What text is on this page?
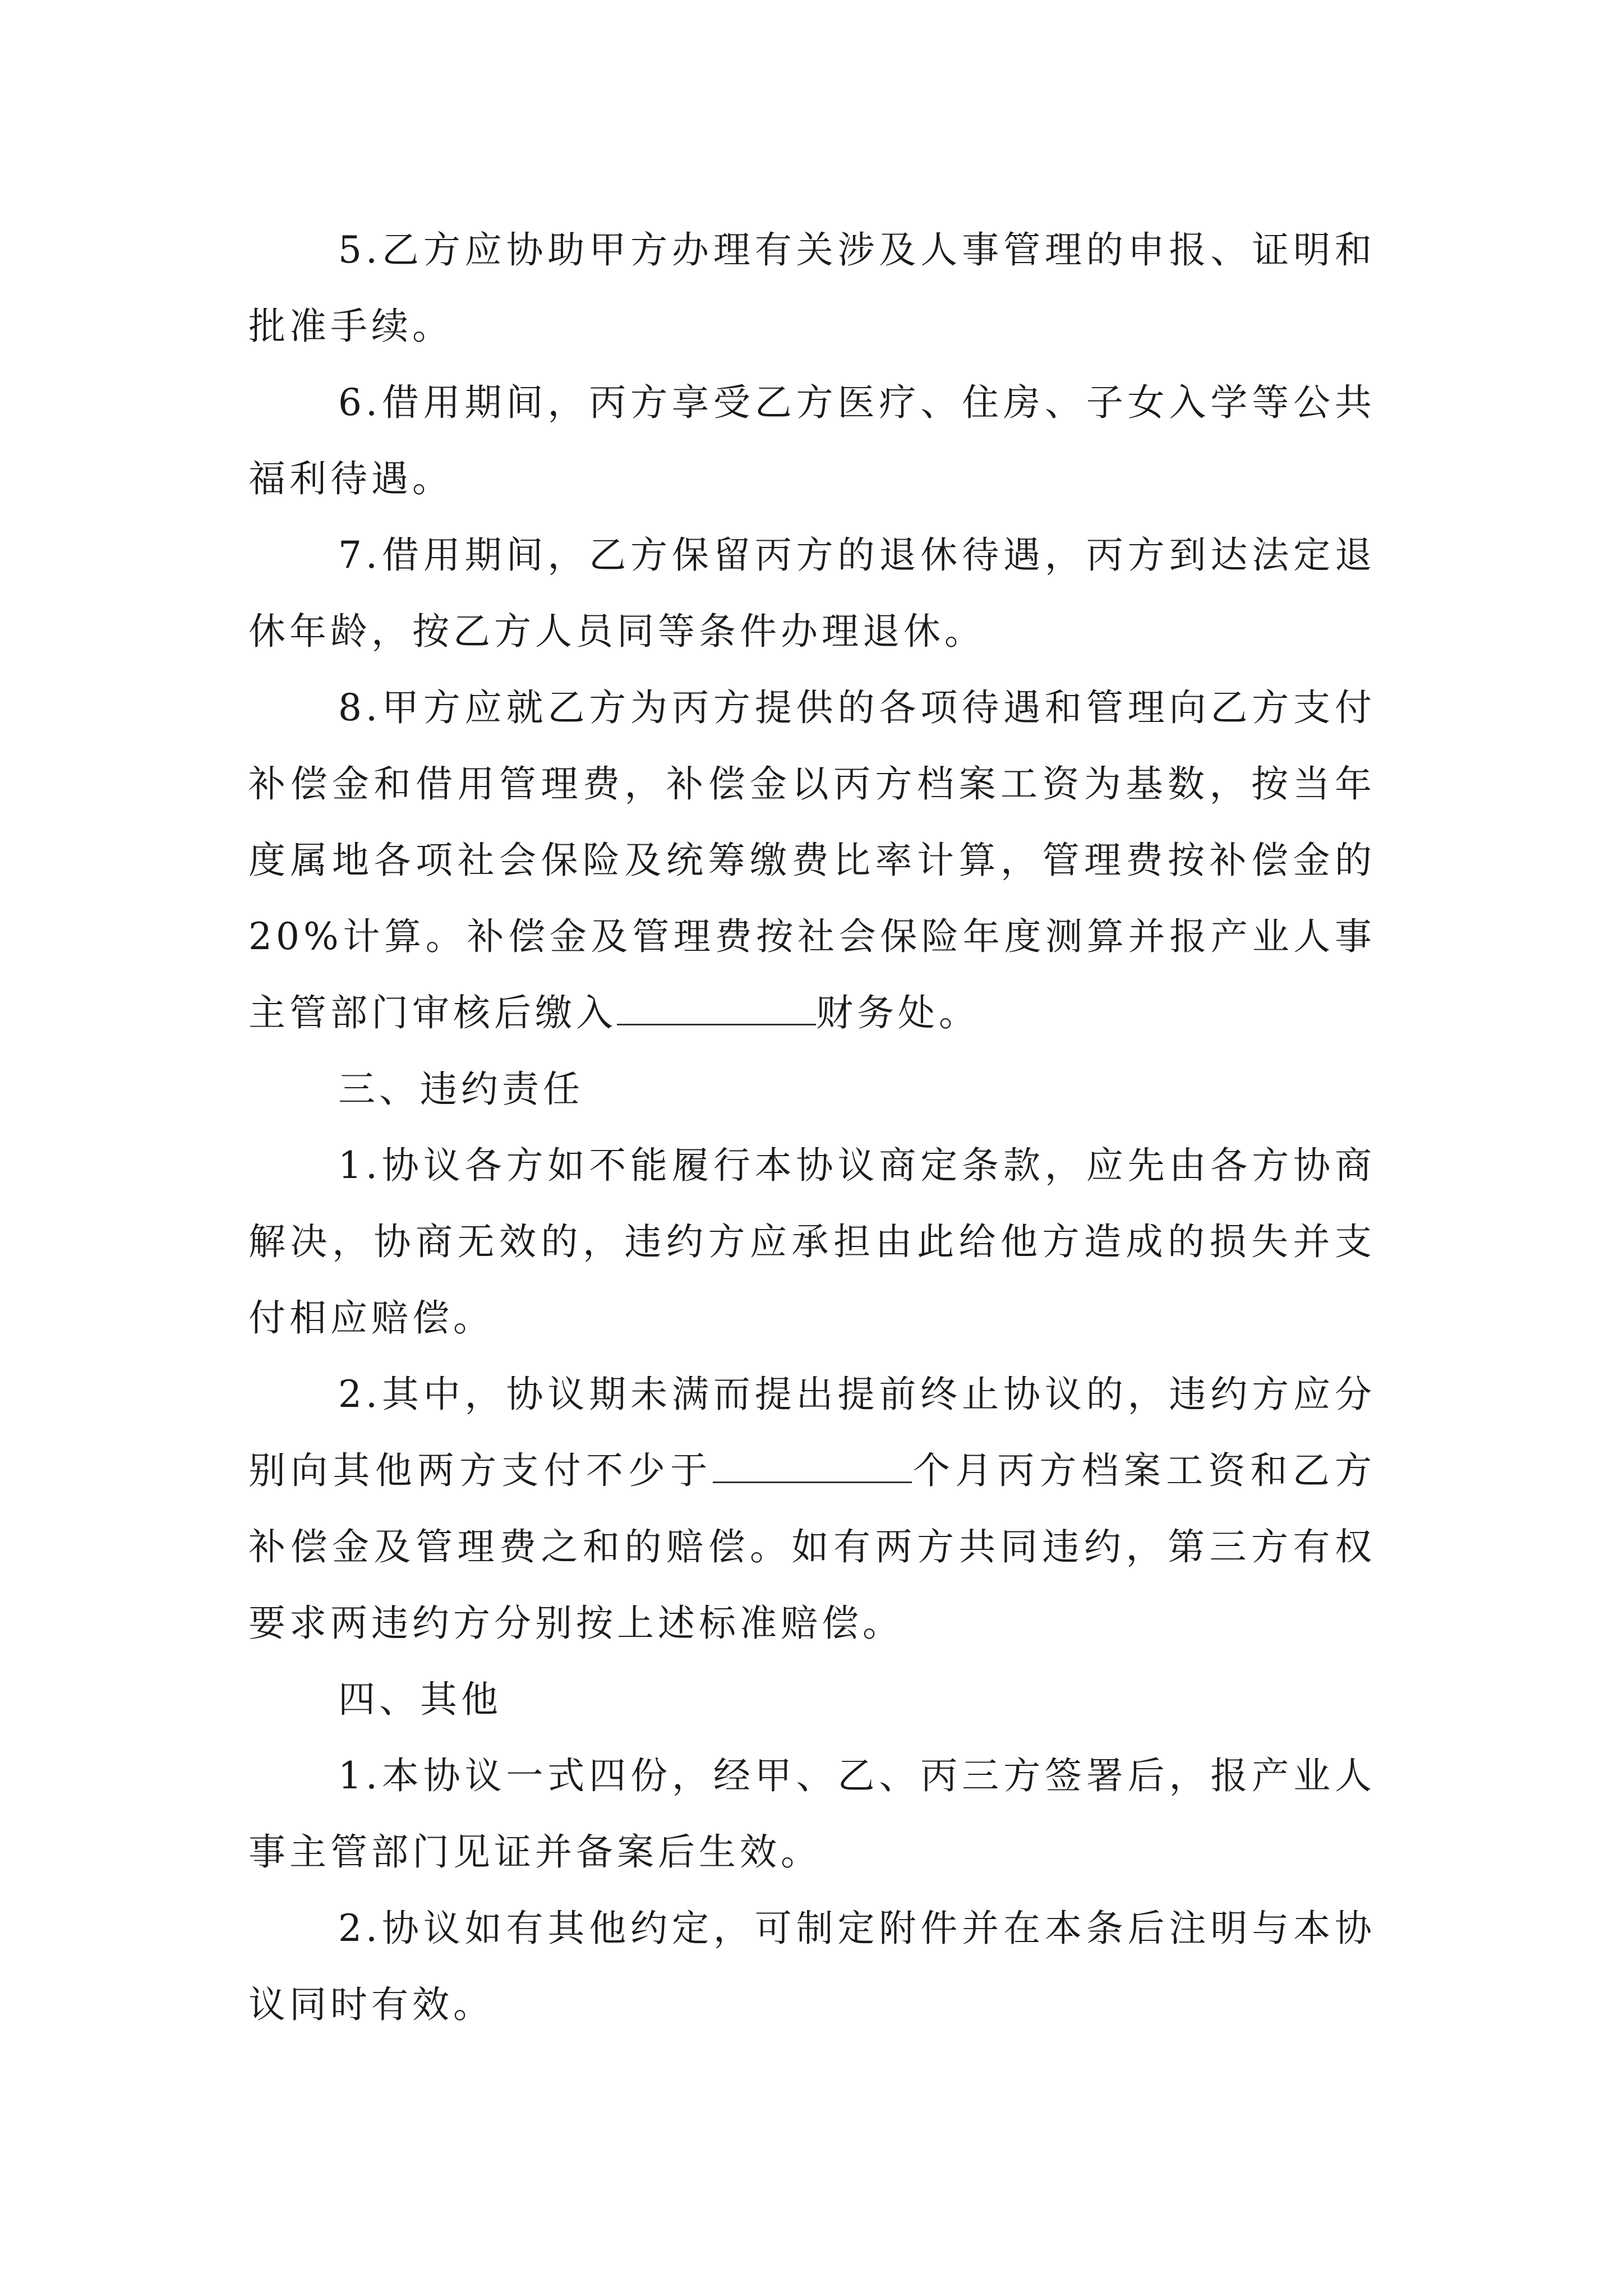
5.乙方应协助甲方办理有关涉及人事管理的申报、证明和批准手续。

6.借用期间，丙方享受乙方医疗、住房、子女入学等公共福利待遇。

7.借用期间，乙方保留丙方的退休待遇，丙方到达法定退休年龄，按乙方人员同等条件办理退休。

8.甲方应就乙方为丙方提供的各项待遇和管理向乙方支付补偿金和借用管理费，补偿金以丙方档案工资为基数，按当年度属地各项社会保险及统筹缴费比率计算，管理费按补偿金的20%计算。补偿金及管理费按社会保险年度测算并报产业人事主管部门审核后缴入	财务处。

三、违约责任

1.协议各方如不能履行本协议商定条款，应先由各方协商解决，协商无效的，违约方应承担由此给他方造成的损失并支付相应赔偿。

2.其中，协议期未满而提出提前终止协议的，违约方应分别向其他两方支付不少于	个月丙方档案工资和乙方补偿金及管理费之和的赔偿。如有两方共同违约，第三方有权要求两违约方分别按上述标准赔偿。

四、其他

1.本协议一式四份，经甲、乙、丙三方签署后，报产业人事主管部门见证并备案后生效。

2.协议如有其他约定，可制定附件并在本条后注明与本协议同时有效。
